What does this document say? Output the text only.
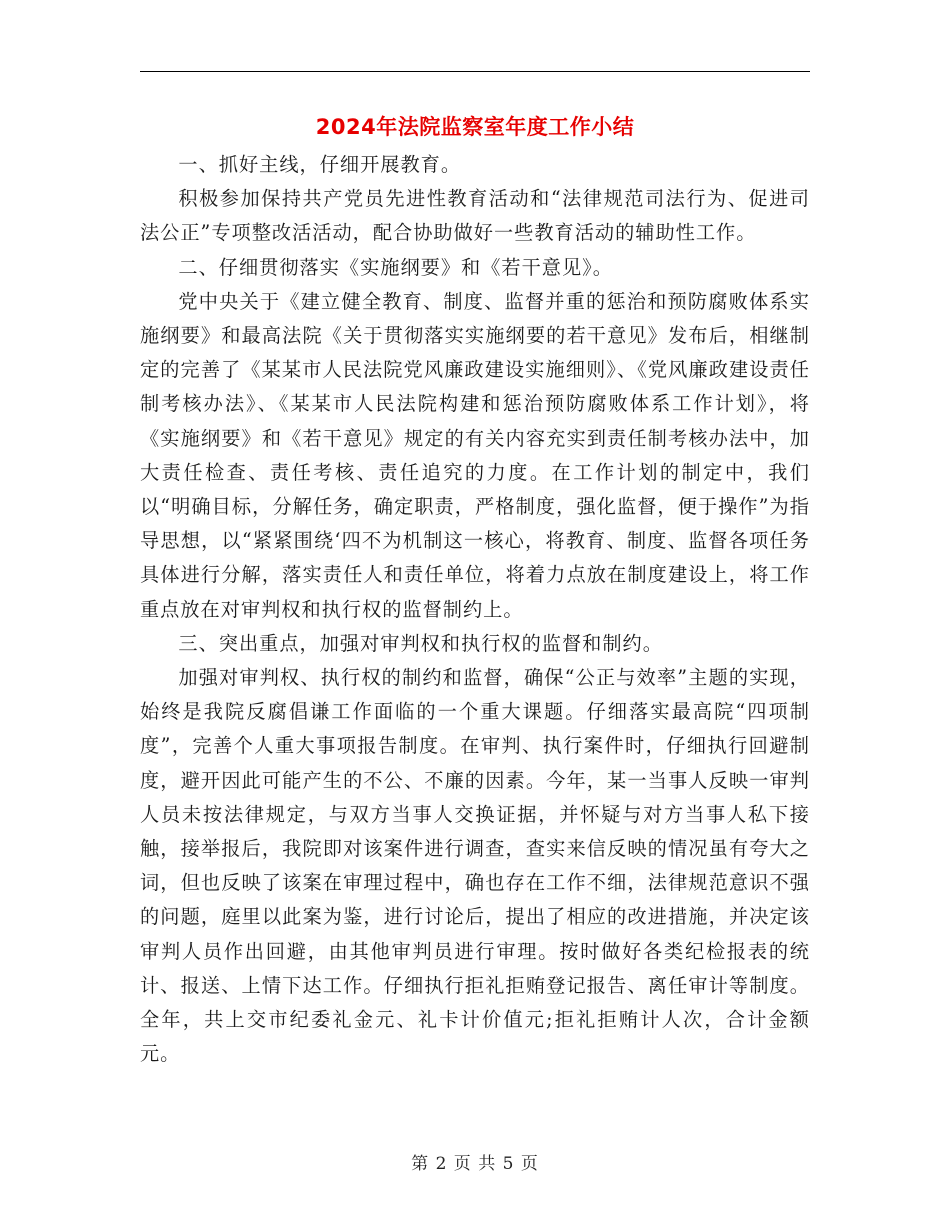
2024年法院监察室年度工作小结

一、抓好主线，仔细开展教育。

积极参加保持共产党员先进性教育活动和“法律规范司法行为、促进司法公正”专项整改活活动，配合协助做好一些教育活动的辅助性工作。

二、仔细贯彻落实《实施纲要》和《若干意见》。

党中央关于《建立健全教育、制度、监督并重的惩治和预防腐败体系实施纲要》和最高法院《关于贯彻落实实施纲要的若干意见》发布后，相继制定的完善了《某某市人民法院党风廉政建设实施细则》、《党风廉政建设责任制考核办法》、《某某市人民法院构建和惩治预防腐败体系工作计划》，将《实施纲要》和《若干意见》规定的有关内容充实到责任制考核办法中，加大责任检查、责任考核、责任追究的力度。在工作计划的制定中，我们以“明确目标，分解任务，确定职责，严格制度，强化监督，便于操作”为指导思想，以“紧紧围绕‘四不为机制这一核心，将教育、制度、监督各项任务具体进行分解，落实责任人和责任单位，将着力点放在制度建设上，将工作重点放在对审判权和执行权的监督制约上。

三、突出重点，加强对审判权和执行权的监督和制约。

加强对审判权、执行权的制约和监督，确保“公正与效率”主题的实现，始终是我院反腐倡谦工作面临的一个重大课题。仔细落实最高院“四项制度”，完善个人重大事项报告制度。在审判、执行案件时，仔细执行回避制度，避开因此可能产生的不公、不廉的因素。今年，某一当事人反映一审判人员未按法律规定，与双方当事人交换证据，并怀疑与对方当事人私下接触，接举报后，我院即对该案件进行调查，查实来信反映的情况虽有夸大之词，但也反映了该案在审理过程中，确也存在工作不细，法律规范意识不强的问题，庭里以此案为鉴，进行讨论后，提出了相应的改进措施，并决定该审判人员作出回避，由其他审判员进行审理。按时做好各类纪检报表的统计、报送、上情下达工作。仔细执行拒礼拒贿登记报告、离任审计等制度。全年，共上交市纪委礼金元、礼卡计价值元;拒礼拒贿计人次，合计金额元。

第 2 页 共 5 页
